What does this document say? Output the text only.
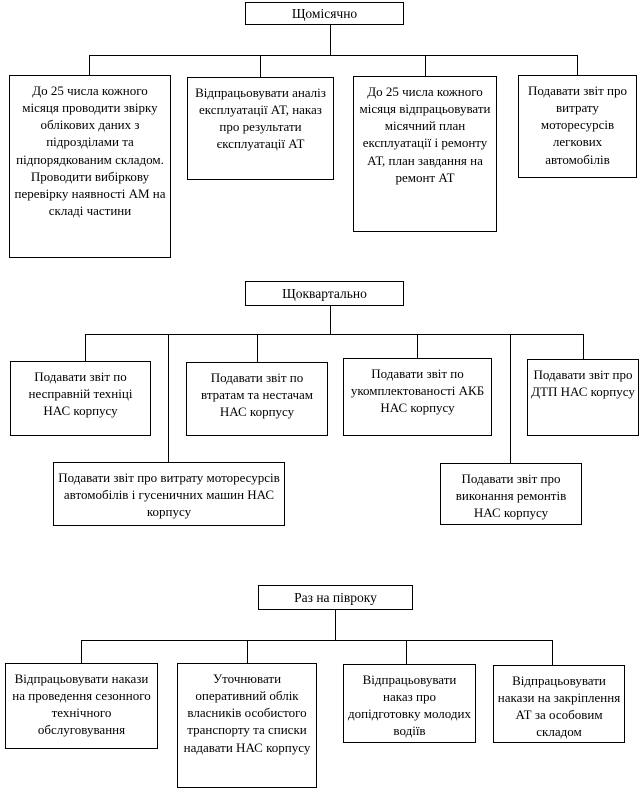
Щомісячно
До 25 числа кожного місяця проводити звірку облікових даних з підрозділами та підпорядкованим складом. Проводити вибіркову перевірку наявності АМ на складі частини
Відпрацьовувати аналіз експлуатації АТ, наказ про результати єксплуатації АТ
До 25 числа кожного місяця відпрацьовувати місячний план експлуатації і ремонту АТ, план завдання на ремонт АТ
Подавати звіт про витрату моторесурсів легкових автомобілів
Щоквартально
Подавати звіт по несправній техніці НАС корпусу
Подавати звіт по втратам та нестачам НАС корпусу
Подавати звіт по укомплектованості АКБ НАС корпусу
Подавати звіт про ДТП НАС корпусу
Подавати звіт про витрату моторесурсів автомобілів і гусеничних машин НАС корпусу
Подавати звіт про виконання ремонтів НАС корпусу
Раз на півроку
Відпрацьовувати накази на проведення сезонного технічного обслуговування
Уточнювати оперативний облік власників особистого транспорту та списки надавати НАС корпусу
Відпрацьовувати наказ про допідготовку молодих водіїв
Відпрацьовувати накази на закріплення АТ за особовим складом
